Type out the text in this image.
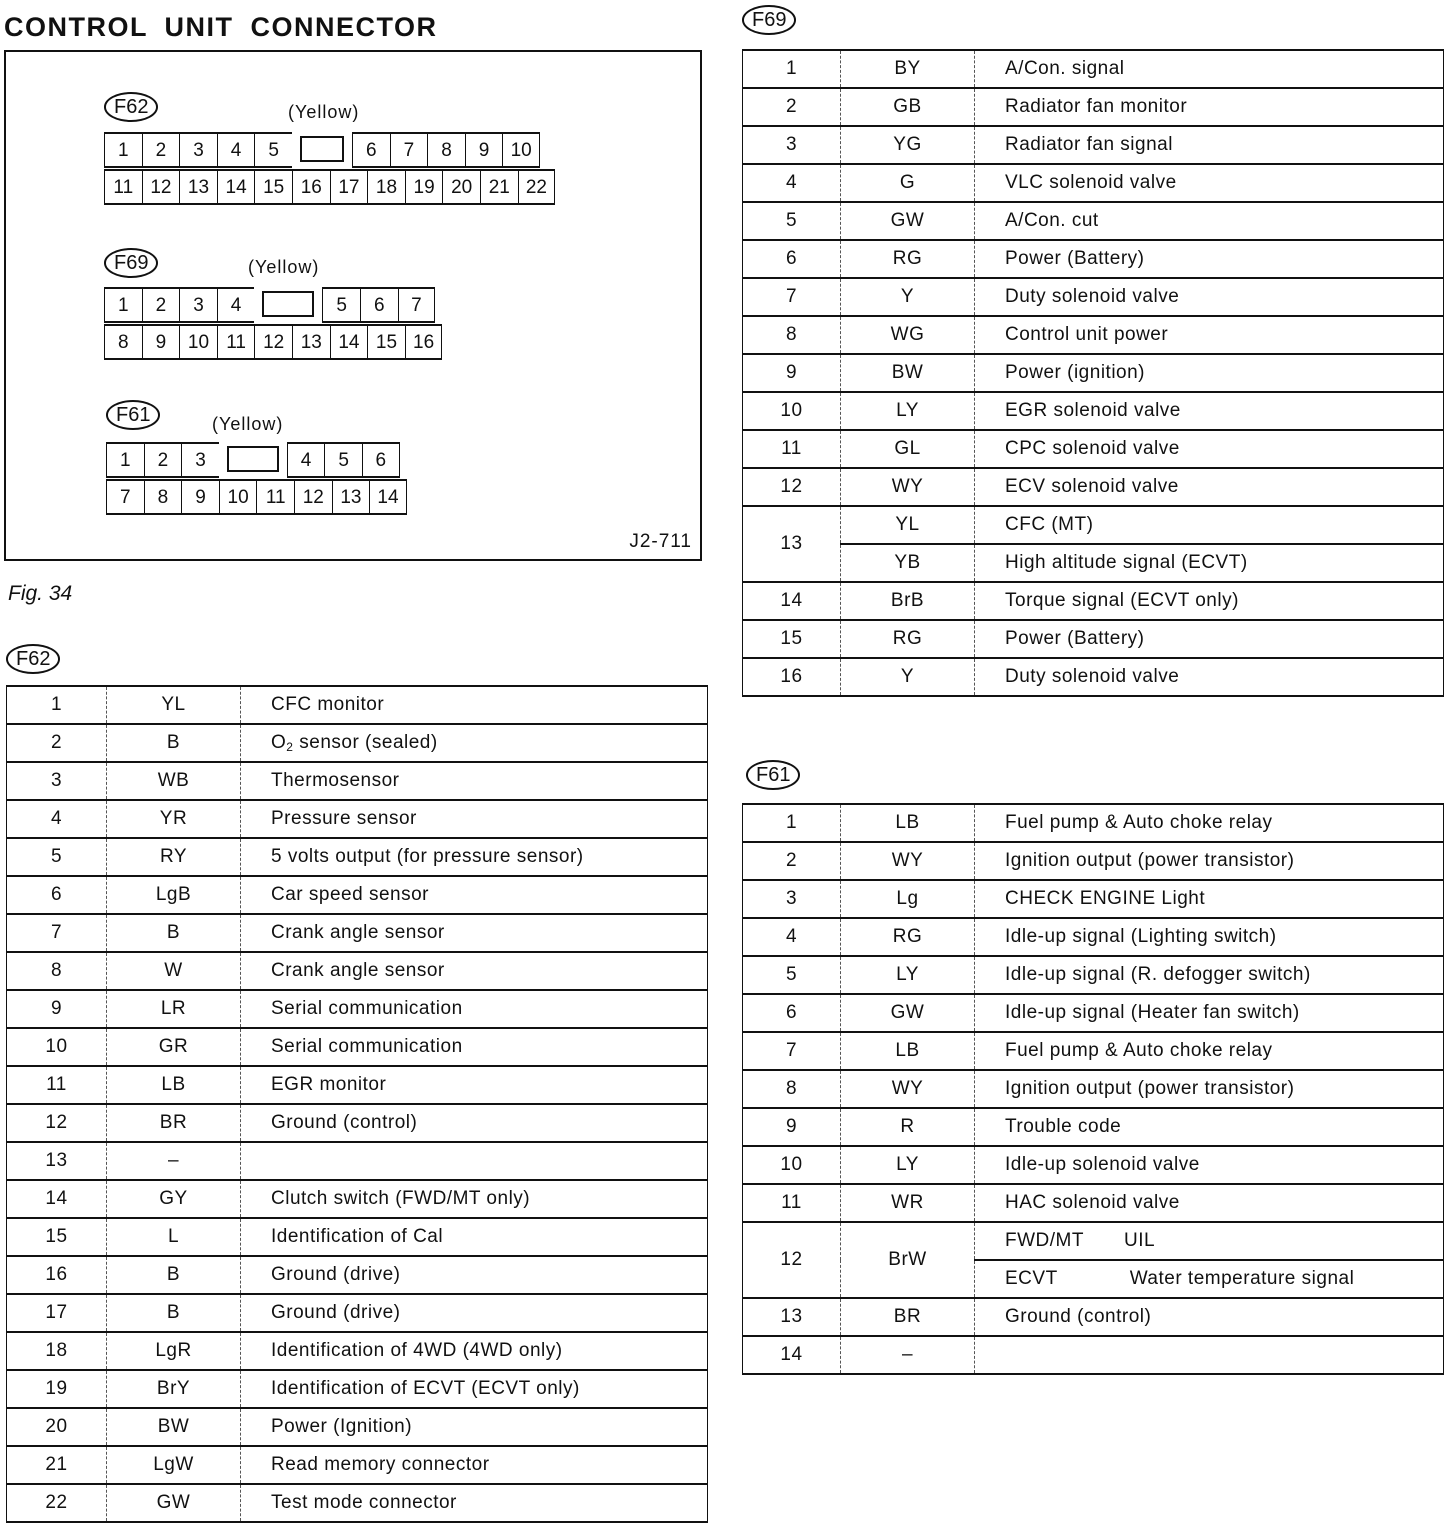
CONTROL UNIT CONNECTOR
F62	(Yellow)
1	2	3	4	5	6	7	8	9	10
11 12 13 14 15 16 17 18 19 20 21 22
F69	(Yellow)
1	2	3	4	5	6	7
8	9	10 11 12 13 14 15 16
F61	(Yellow)
1	2	3	4	5	6
7	8	9	10 11 12 13 14
J2-711
Fig. 34
F62
F69
F61
1	YL	CFC monitor
2	B	$O_2$ sensor (sealed)
3	WB	Thermosensor
4	YR	Pressure sensor
5	RY	5 volts output (for pressure sensor)
6	LgB	Car speed sensor
7	B	Crank angle sensor
8	W	Crank angle sensor
9	LR	Serial communication
10	GR	Serial communication
11	LB	EGR monitor
12	BR	Ground (control)
13	–	
14	GY	Clutch switch (FWD/MT only)
15	L	Identification of Cal
16	B	Ground (drive)
17	B	Ground (drive)
18	LgR	Identification of 4WD (4WD only)
19	BrY	Identification of ECVT (ECVT only)
20	BW	Power (Ignition)
21	LgW	Read memory connector
22	GW	Test mode connector
1	BY	A/Con. signal
2	GB	Radiator fan monitor
3	YG	Radiator fan signal
4	G	VLC solenoid valve
5	GW	A/Con. cut
6	RG	Power (Battery)
7	Y	Duty solenoid valve
8	WG	Control unit power
9	BW	Power (ignition)
10	LY	EGR solenoid valve
11	GL	CPC solenoid valve
12	WY	ECV solenoid valve
13	YL	CFC (MT)
	YB	High altitude signal (ECVT)
14	BrB	Torque signal (ECVT only)
15	RG	Power (Battery)
16	Y	Duty solenoid valve
1	LB	Fuel pump & Auto choke relay
2	WY	Ignition output (power transistor)
3	Lg	CHECK ENGINE Light
4	RG	Idle-up signal (Lighting switch)
5	LY	Idle-up signal (R. defogger switch)
6	GW	Idle-up signal (Heater fan switch)
7	LB	Fuel pump & Auto choke relay
8	WY	Ignition output (power transistor)
9	R	Trouble code
10	LY	Idle-up solenoid valve
11	WR	HAC solenoid valve
12	BrW	FWD/MT UIL
		ECVT Water temperature signal
13	BR	Ground (control)
14	–	
